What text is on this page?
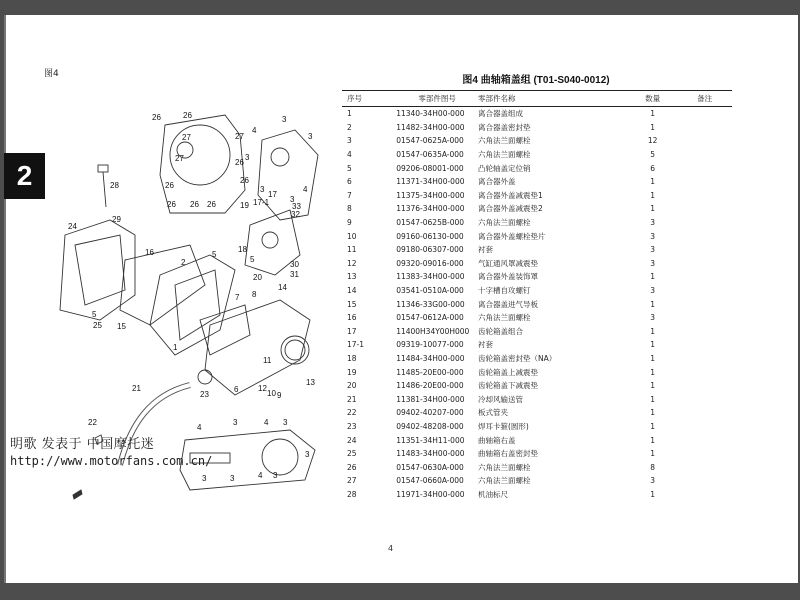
图4
2
26	26
27	27
27	26
26
26
26 26 26
4
3
3
3
3
3
4
28
29
24
16
2
5
5
25 15
17
17-1
19
18
5
20
30
31
32
33
8
7
14
1
13
11
12
10 9
6
21
23
22
4
3	4 3
3
3	3	4 3
图4 曲轴箱盖组 (T01-S040-0012)
序号	零部件图号	零部件名称	数量	备注
1	11340-34H00-000	离合器盖组成	1	
2	11482-34H00-000	离合器盖密封垫	1	
3	01547-0625A-000	六角法兰面螺栓	12	
4	01547-0635A-000	六角法兰面螺栓	5	
5	09206-08001-000	凸轮轴盖定位销	6	
6	11371-34H00-000	离合器外盖	1	
7	11375-34H00-000	离合器外盖减震垫1	1	
8	11376-34H00-000	离合器外盖减震垫2	1	
9	01547-0625B-000	六角法兰面螺栓	3	
10	09160-06130-000	离合器外盖螺栓垫片	3	
11	09180-06307-000	衬套	3	
12	09320-09016-000	气缸通风罩减震垫	3	
13	11383-34H00-000	离合器外盖装饰罩	1	
14	03541-0510A-000	十字槽自攻螺钉	3	
15	11346-33G00-000	离合器盖进气导板	1	
16	01547-0612A-000	六角法兰面螺栓	3	
17	11400H34Y00H000	齿轮箱盖组合	1	
17-1	09319-10077-000	衬套	1	
18	11484-34H00-000	齿轮箱盖密封垫（NA）	1	
19	11485-20E00-000	齿轮箱盖上减震垫	1	
20	11486-20E00-000	齿轮箱盖下减震垫	1	
21	11381-34H00-000	冷却风输送管	1	
22	09402-40207-000	板式管夹	1	
23	09402-48208-000	焊耳卡箍(圆形)	1	
24	11351-34H11-000	曲轴箱右盖	1	
25	11483-34H00-000	曲轴箱右盖密封垫	1	
26	01547-0630A-000	六角法兰面螺栓	8	
27	01547-0660A-000	六角法兰面螺栓	3	
28	11971-34H00-000	机油标尺	1	
4
明歌 发表于 中国摩托迷
http://www.motorfans.com.cn/
